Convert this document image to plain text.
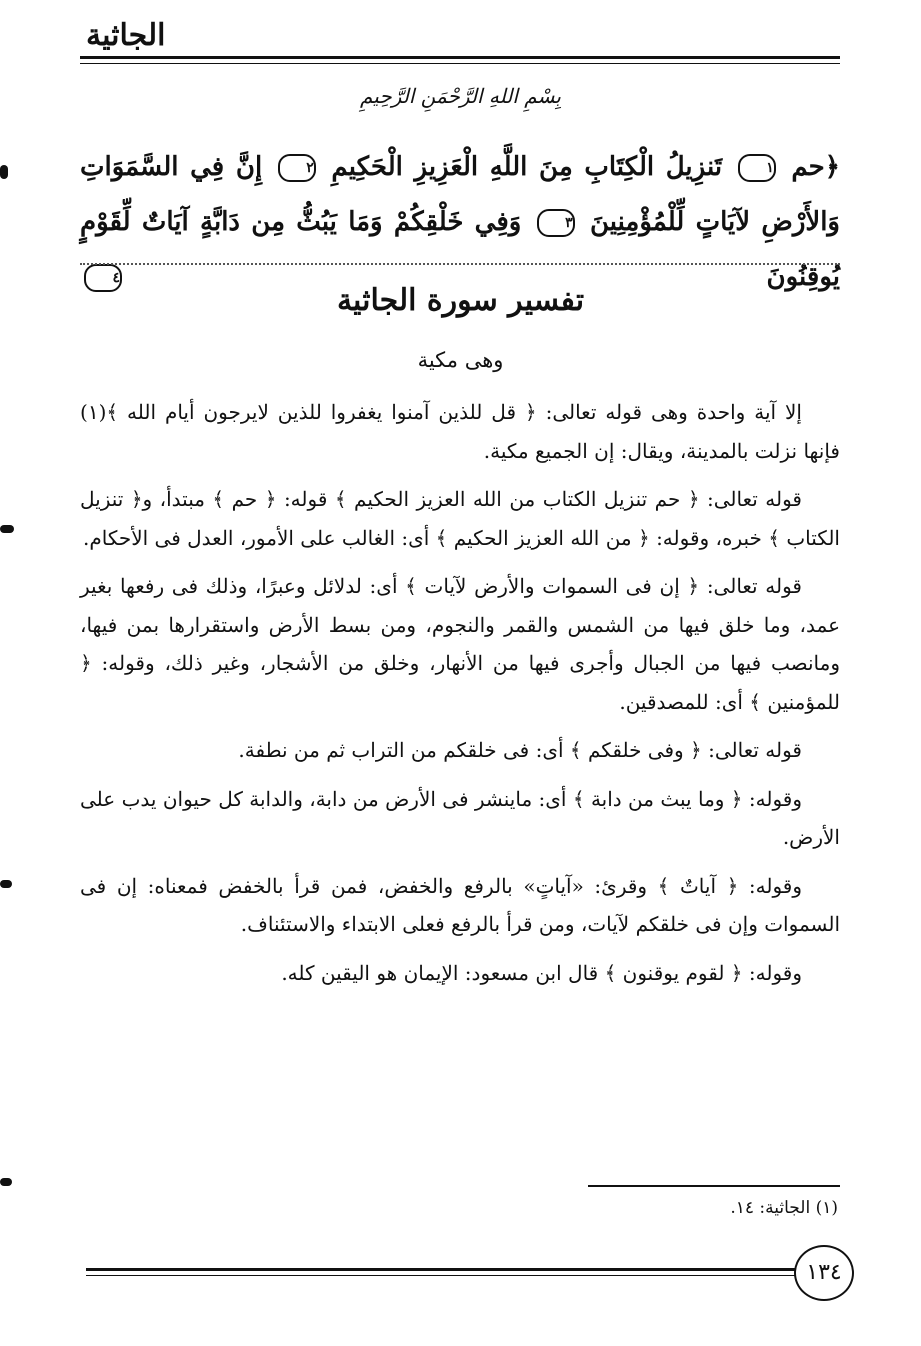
الجاثية
بِسْمِ اللهِ الرَّحْمَنِ الرَّحِيمِ
﴿حم ١ تَنزِيلُ الْكِتَابِ مِنَ اللَّهِ الْعَزِيزِ الْحَكِيمِ ٢ إِنَّ فِي السَّمَوَاتِ وَالأَرْضِ لآيَاتٍ لِّلْمُؤْمِنِينَ ٣ وَفِي خَلْقِكُمْ وَمَا يَبُثُّ مِن دَابَّةٍ آيَاتٌ لِّقَوْمٍ يُوقِنُونَ ٤
تفسير سورة الجاثية
وهى مكية

إلا آية واحدة وهى قوله تعالى: ﴿ قل للذين آمنوا يغفروا للذين لايرجون أيام الله ﴾(١) فإنها نزلت بالمدينة، ويقال: إن الجميع مكية.

قوله تعالى: ﴿ حم تنزيل الكتاب من الله العزيز الحكيم ﴾ قوله: ﴿ حم ﴾ مبتدأ، و﴿ تنزيل الكتاب ﴾ خبره، وقوله: ﴿ من الله العزيز الحكيم ﴾ أى: الغالب على الأمور، العدل فى الأحكام.

قوله تعالى: ﴿ إن فى السموات والأرض لآيات ﴾ أى: لدلائل وعبرًا، وذلك فى رفعها بغير عمد، وما خلق فيها من الشمس والقمر والنجوم، ومن بسط الأرض واستقرارها بمن فيها، ومانصب فيها من الجبال وأجرى فيها من الأنهار، وخلق من الأشجار، وغير ذلك، وقوله: ﴿ للمؤمنين ﴾ أى: للمصدقين.

قوله تعالى: ﴿ وفى خلقكم ﴾ أى: فى خلقكم من التراب ثم من نطفة.

وقوله: ﴿ وما يبث من دابة ﴾ أى: ماينشر فى الأرض من دابة، والدابة كل حيوان يدب على الأرض.

وقوله: ﴿ آياتٌ ﴾ وقرئ: «آياتٍ» بالرفع والخفض، فمن قرأ بالخفض فمعناه: إن فى السموات وإن فى خلقكم لآيات، ومن قرأ بالرفع فعلى الابتداء والاستئناف.

وقوله: ﴿ لقوم يوقنون ﴾ قال ابن مسعود: الإيمان هو اليقين كله.

(١) الجاثية: ١٤.
١٣٤
